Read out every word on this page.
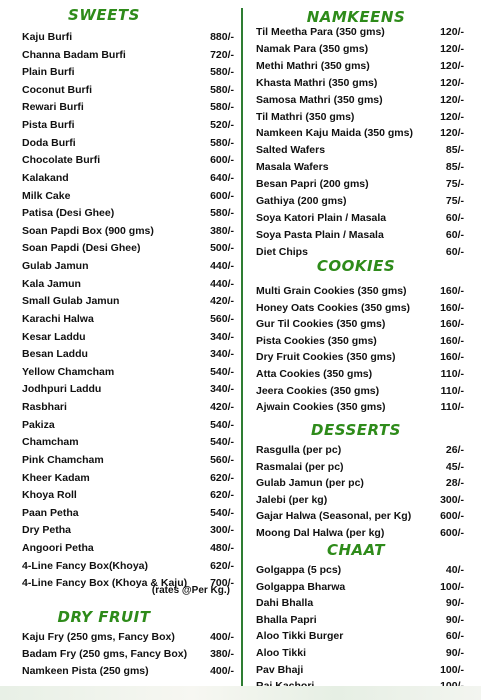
SWEETS
Kaju Burfi	880/-
Channa Badam Burfi	720/-
Plain Burfi	580/-
Coconut Burfi	580/-
Rewari Burfi	580/-
Pista Burfi	520/-
Doda Burfi	580/-
Chocolate Burfi	600/-
Kalakand	640/-
Milk Cake	600/-
Patisa (Desi Ghee)	580/-
Soan Papdi Box (900 gms)	380/-
Soan Papdi (Desi Ghee)	500/-
Gulab Jamun	440/-
Kala Jamun	440/-
Small Gulab Jamun	420/-
Karachi Halwa	560/-
Kesar Laddu	340/-
Besan Laddu	340/-
Yellow Chamcham	540/-
Jodhpuri Laddu	340/-
Rasbhari	420/-
Pakiza	540/-
Chamcham	540/-
Pink Chamcham	560/-
Kheer Kadam	620/-
Khoya Roll	620/-
Paan Petha	540/-
Dry Petha	300/-
Angoori Petha	480/-
4-Line Fancy Box(Khoya)	620/-
4-Line Fancy Box (Khoya & Kaju) 700/-
(rates @Per Kg.)
DRY FRUIT
Kaju Fry (250 gms, Fancy Box)	400/-
Badam Fry (250 gms, Fancy Box) 380/-
Namkeen Pista (250 gms)	400/-
NAMKEENS
Til Meetha Para (350 gms)	120/-
Namak Para (350 gms)	120/-
Methi Mathri (350 gms)	120/-
Khasta Mathri (350 gms)	120/-
Samosa Mathri (350 gms)	120/-
Til Mathri (350 gms)	120/-
Namkeen Kaju Maida (350 gms)	120/-
Salted Wafers	85/-
Masala Wafers	85/-
Besan Papri (200 gms)	75/-
Gathiya (200 gms)	75/-
Soya Katori Plain / Masala	60/-
Soya Pasta Plain / Masala	60/-
Diet Chips	60/-
COOKIES
Multi Grain Cookies (350 gms)	160/-
Honey Oats Cookies (350 gms)	160/-
Gur Til Cookies (350 gms)	160/-
Pista Cookies (350 gms)	160/-
Dry Fruit Cookies (350 gms)	160/-
Atta Cookies (350 gms)	110/-
Jeera Cookies (350 gms)	110/-
Ajwain Cookies (350 gms)	110/-
DESSERTS
Rasgulla (per pc)	26/-
Rasmalai (per pc)	45/-
Gulab Jamun (per pc)	28/-
Jalebi (per kg)	300/-
Gajar Halwa (Seasonal, per Kg)	600/-
Moong Dal Halwa (per kg)	600/-
CHAAT
Golgappa (5 pcs)	40/-
Golgappa Bharwa	100/-
Dahi Bhalla	90/-
Bhalla Papri	90/-
Aloo Tikki Burger	60/-
Aloo Tikki	90/-
Pav Bhaji	100/-
